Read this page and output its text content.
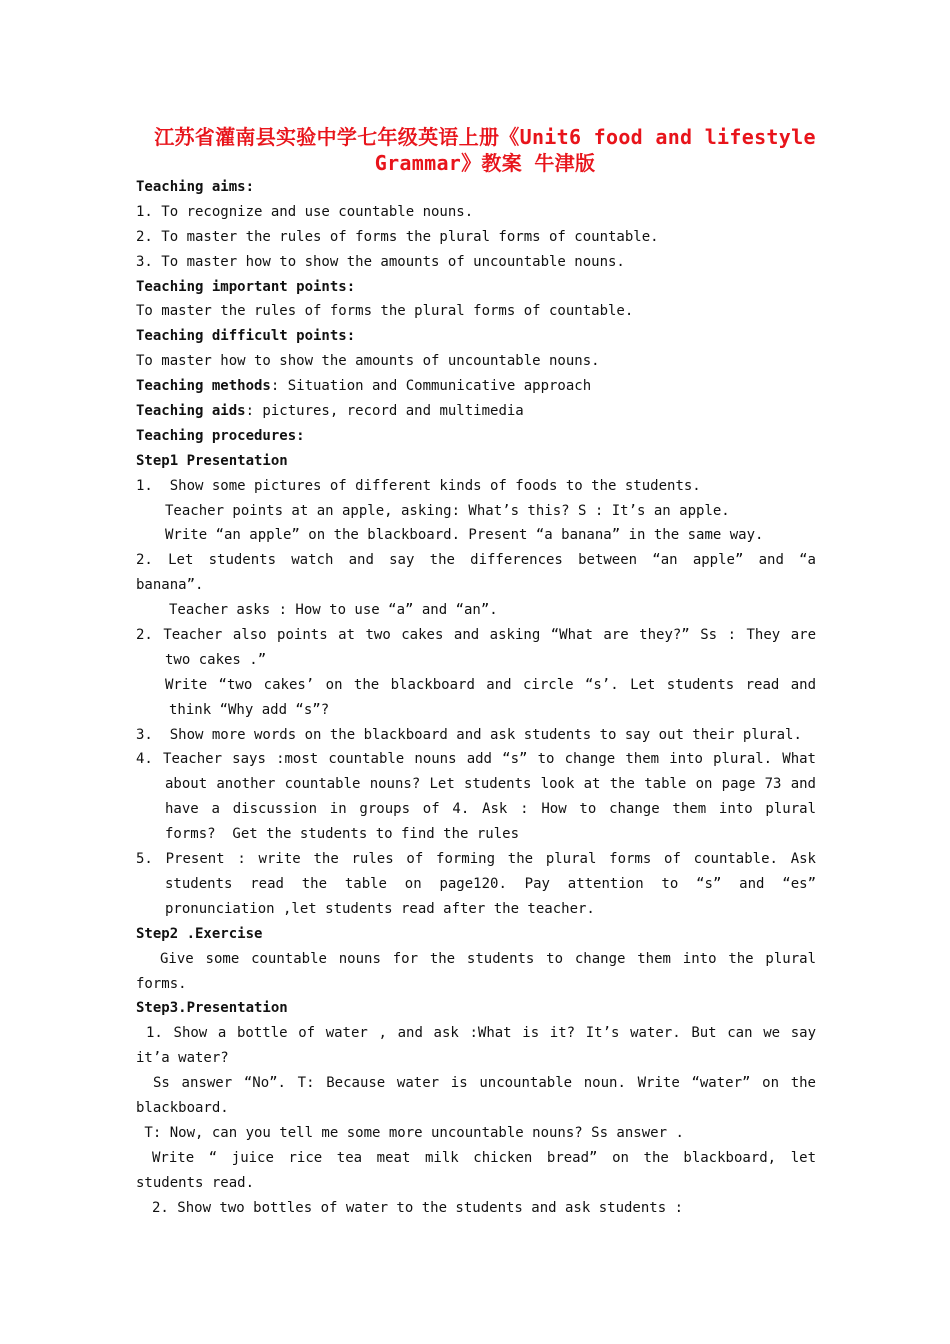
江苏省灌南县实验中学七年级英语上册《Unit6 food and lifestyle
Grammar》教案 牛津版
Teaching aims:
1. To recognize and use countable nouns.
2. To master the rules of forms the plural forms of countable.
3. To master how to show the amounts of uncountable nouns.
Teaching important points:
To master the rules of forms the plural forms of countable.
Teaching difficult points:
To master how to show the amounts of uncountable nouns.
Teaching methods: Situation and Communicative approach
Teaching aids: pictures, record and multimedia
Teaching procedures:
Step1 Presentation
1.  Show some pictures of different kinds of foods to the students.
Teacher points at an apple, asking: What’s this? S : It’s an apple.
Write “an apple” on the blackboard. Present “a banana” in the same way.
2. Let students watch and say the differences between “an apple” and “a
banana”.
Teacher asks : How to use “a” and “an”.
2. Teacher also points at two cakes and asking “What are they?” Ss : They are
two cakes .”
Write “two cakes’ on the blackboard and circle “s’. Let students read and
think “Why add “s”?
3.  Show more words on the blackboard and ask students to say out their plural.
4. Teacher says :most countable nouns add “s” to change them into plural. What
about another countable nouns? Let students look at the table on page 73 and
have a discussion in groups of 4. Ask : How to change them into plural
forms?  Get the students to find the rules
5. Present : write the rules of forming the plural forms of countable. Ask
students read the table on page120. Pay attention to “s” and “es”
pronunciation ,let students read after the teacher.
Step2 .Exercise
Give some countable nouns for the students to change them into the plural
forms.
Step3.Presentation
1. Show a bottle of water , and ask :What is it? It’s water. But can we say
it’a water?
Ss answer “No”. T: Because water is uncountable noun. Write “water” on the
blackboard.
T: Now, can you tell me some more uncountable nouns? Ss answer .
Write “ juice rice tea meat milk chicken bread” on the blackboard, let
students read.
2. Show two bottles of water to the students and ask students :
